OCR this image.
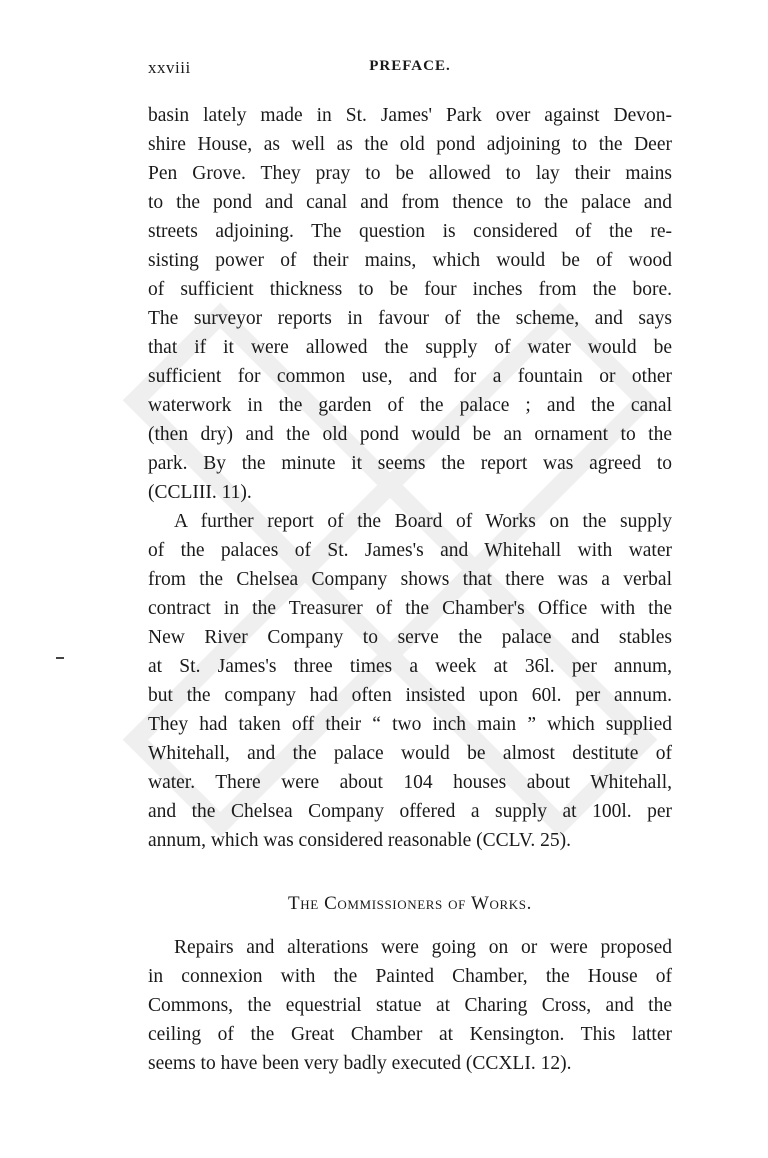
xxviii	PREFACE.
basin lately made in St. James' Park over against Devon-
shire House, as well as the old pond adjoining to the Deer
Pen Grove. They pray to be allowed to lay their mains
to the pond and canal and from thence to the palace and
streets adjoining. The question is considered of the re-
sisting power of their mains, which would be of wood
of sufficient thickness to be four inches from the bore.
The surveyor reports in favour of the scheme, and says
that if it were allowed the supply of water would be
sufficient for common use, and for a fountain or other
waterwork in the garden of the palace ; and the canal
(then dry) and the old pond would be an ornament to the
park. By the minute it seems the report was agreed to
(CCLIII. 11).
A further report of the Board of Works on the supply
of the palaces of St. James's and Whitehall with water
from the Chelsea Company shows that there was a verbal
contract in the Treasurer of the Chamber's Office with the
New River Company to serve the palace and stables
at St. James's three times a week at 36l. per annum,
but the company had often insisted upon 60l. per annum.
They had taken off their “ two inch main ” which supplied
Whitehall, and the palace would be almost destitute of
water. There were about 104 houses about Whitehall,
and the Chelsea Company offered a supply at 100l. per
annum, which was considered reasonable (CCLV. 25).
The Commissioners of Works.
Repairs and alterations were going on or were proposed
in connexion with the Painted Chamber, the House of
Commons, the equestrial statue at Charing Cross, and the
ceiling of the Great Chamber at Kensington. This latter
seems to have been very badly executed (CCXLI. 12).
